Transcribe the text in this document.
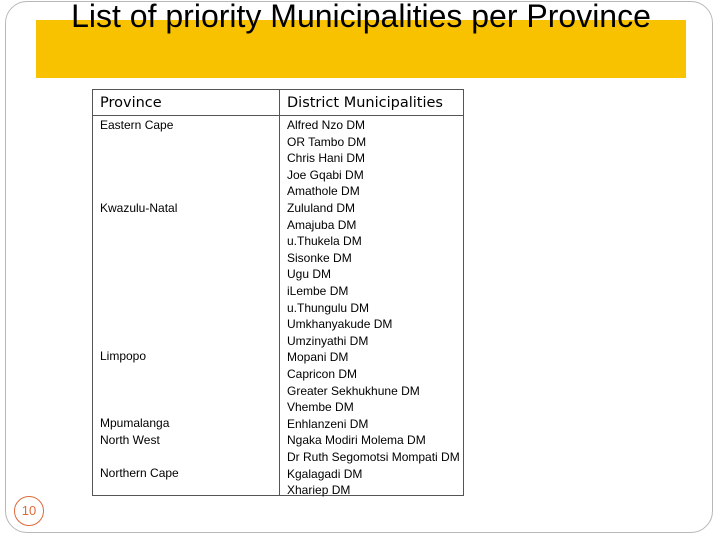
List of priority Municipalities per Province
Province	District Municipalities
Eastern Cape
Kwazulu-Natal
Limpopo
Mpumalanga
North West
Northern Cape
Alfred Nzo DM
OR Tambo DM
Chris Hani DM
Joe Gqabi DM
Amathole DM
Zululand DM
Amajuba DM
u.Thukela DM
Sisonke DM
Ugu DM
iLembe DM
u.Thungulu DM
Umkhanyakude DM
Umzinyathi DM
Mopani DM
Capricon DM
Greater Sekhukhune DM
Vhembe DM
Enhlanzeni DM
Ngaka Modiri Molema DM
Dr Ruth Segomotsi Mompati DM
Kgalagadi DM
Xhariep DM
10
